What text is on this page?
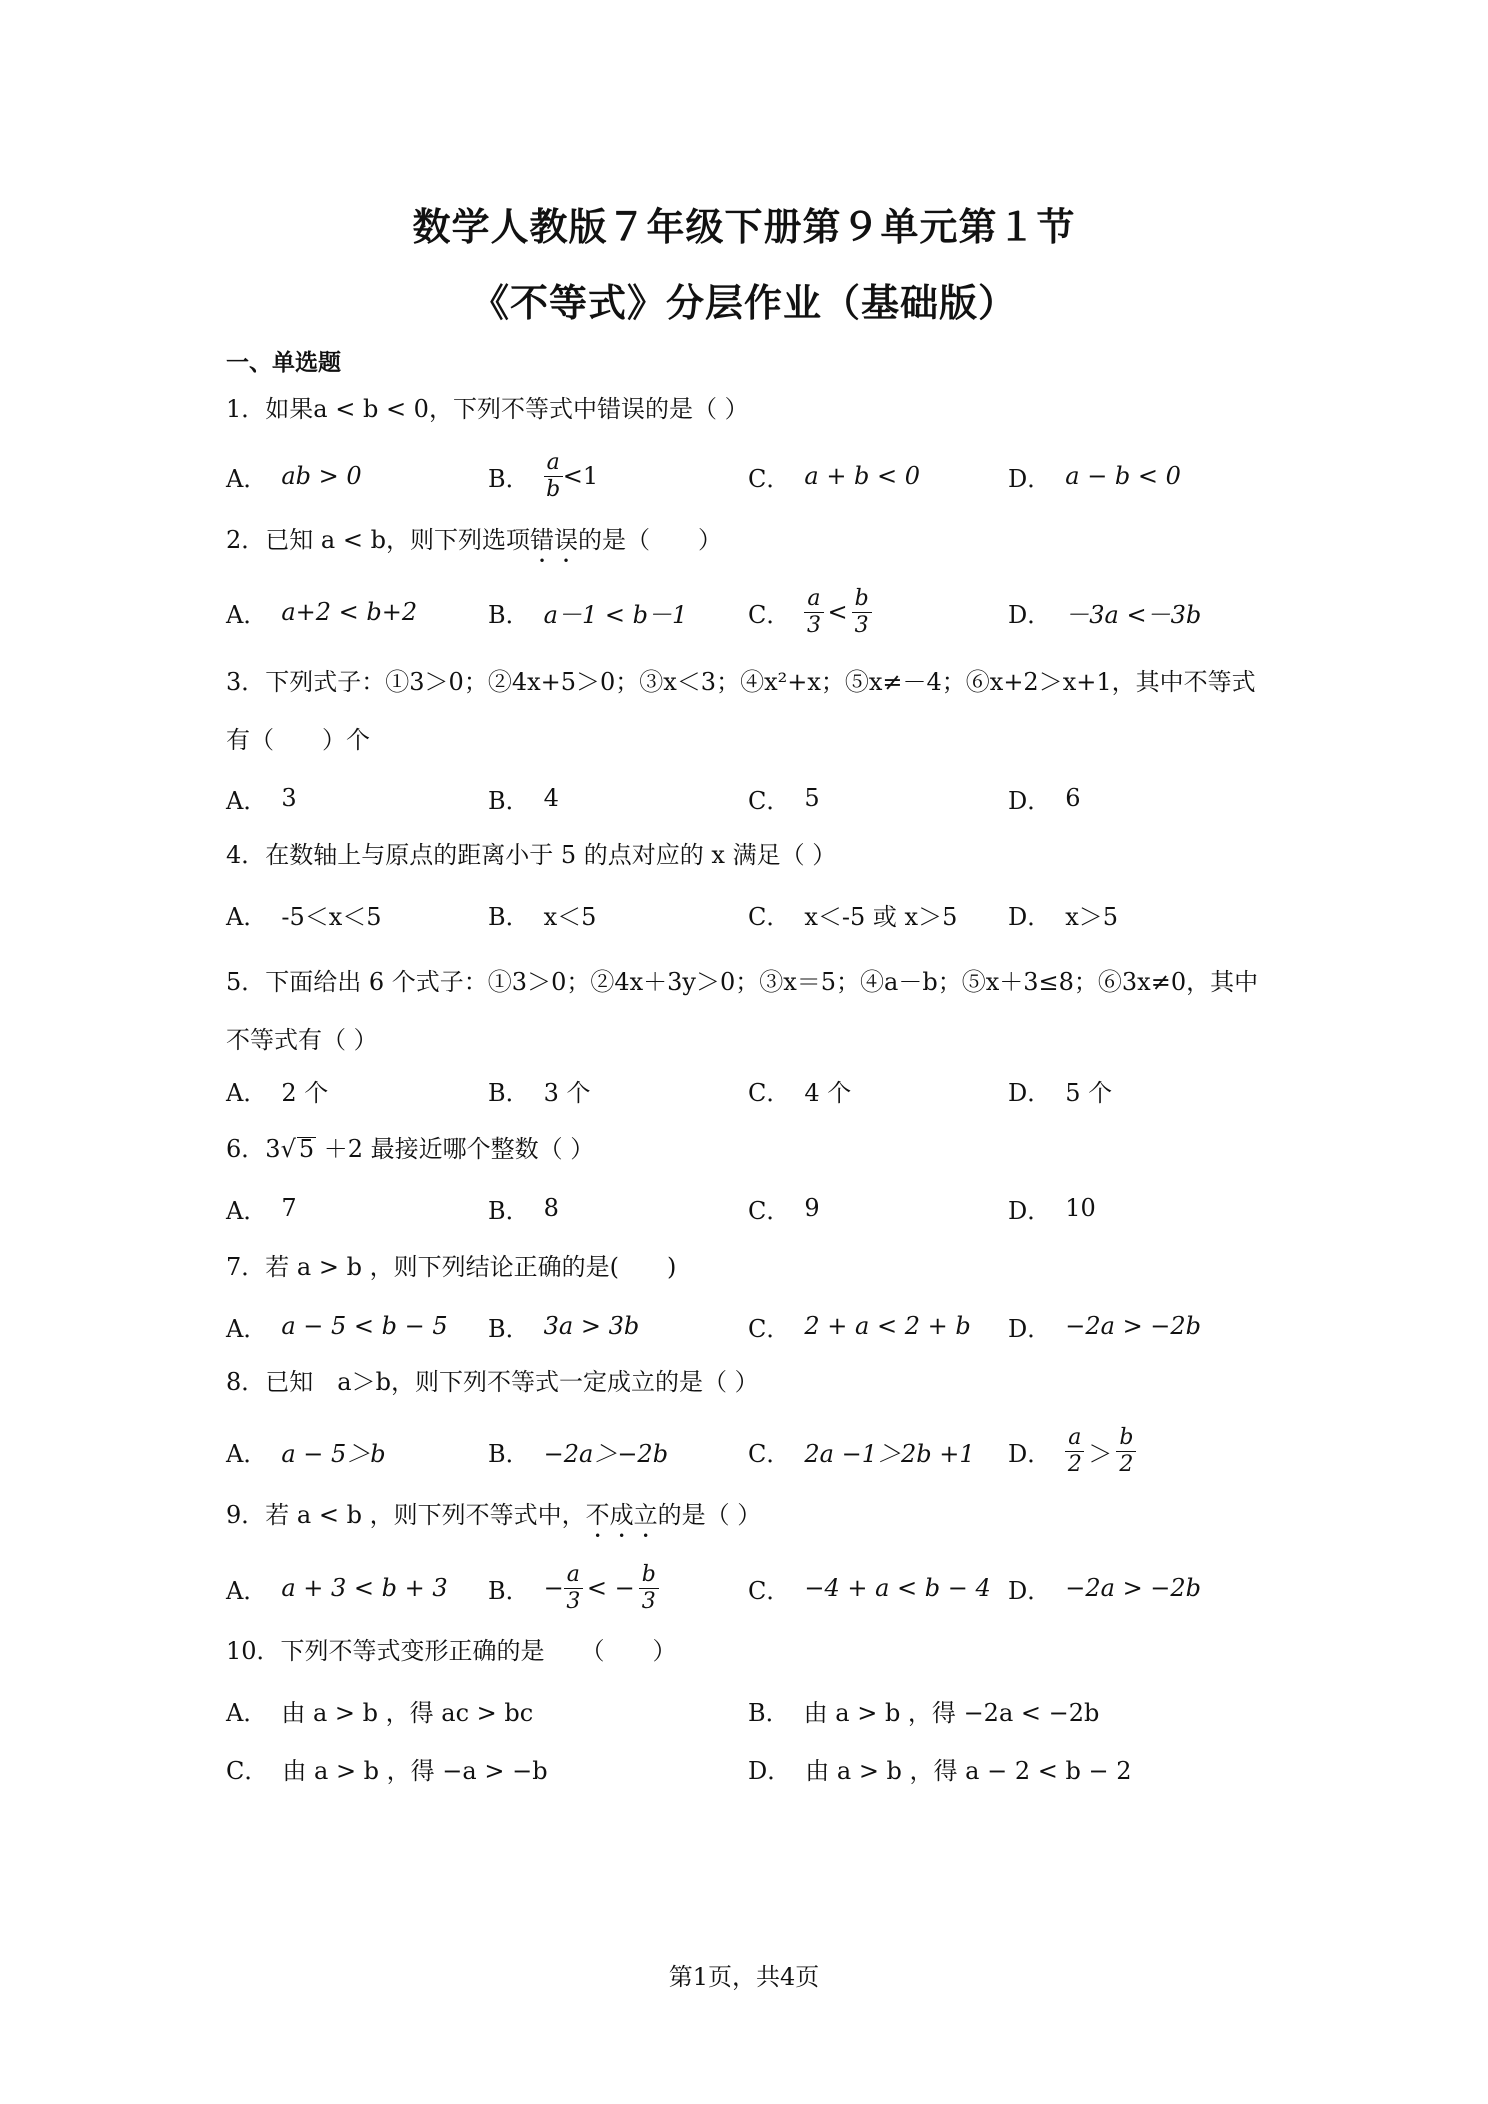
数学人教版７年级下册第９单元第１节
《不等式》分层作业（基础版）
一、单选题
1．如果a < b < 0，下列不等式中错误的是（ ）
A． ab > 0	B． $\frac{a}{b} <1$	C． a + b < 0	D． a − b < 0
2．已知 a < b，则下列选项错误的是（　　）
A． a+2 < b+2	B． a－1 < b－1	C． $\frac{a}{3} < \frac{b}{3}$	D． －3a <－3b
3．下列式子：①3＞0；②4x+5＞0；③x＜3；④x²+x；⑤x≠－4；⑥x+2＞x+1，其中不等式有（　　）个
A． 3	B． 4	C． 5	D． 6
4．在数轴上与原点的距离小于 5 的点对应的 x 满足（ ）
A． -5＜x＜5	B． x＜5	C． x＜-5 或 x＞5 D． x＞5
5．下面给出 6 个式子：①3＞0；②4x＋3y＞0；③x＝5；④a－b；⑤x＋3≤8；⑥3x≠0，其中不等式有（ ）
A． 2 个	B． 3 个	C． 4 个	D． 5 个
6．3√ 5 ＋2 最接近哪个整数（ ）
A． 7	B． 8	C． 9	D． 10
7．若 a > b ，则下列结论正确的是(　　)
A． a − 5 < b − 5 B． 3a > 3b	C． 2 + a < 2 + b D． −2a > −2b
8．已知　a＞b，则下列不等式一定成立的是（ ）
A． a − 5＞b	B． −2a＞−2b	C． 2a −1＞2b +1 D． $\frac{a}{2} > \frac{b}{2}$
9．若 a < b ，则下列不等式中，不成立的是（ ）
A． a + 3 < b + 3 B． − $\frac{a}{3}$ < − $\frac{b}{3}$	C． −4 + a < b − 4 D． −2a > −2b
10．下列不等式变形正确的是　　（　　）
A． 由 a > b ，得 ac > bc	B． 由 a > b ，得 −2a < −2b
C． 由 a > b ，得 −a > −b	D． 由 a > b ，得 a − 2 < b − 2
第1页，共4页
